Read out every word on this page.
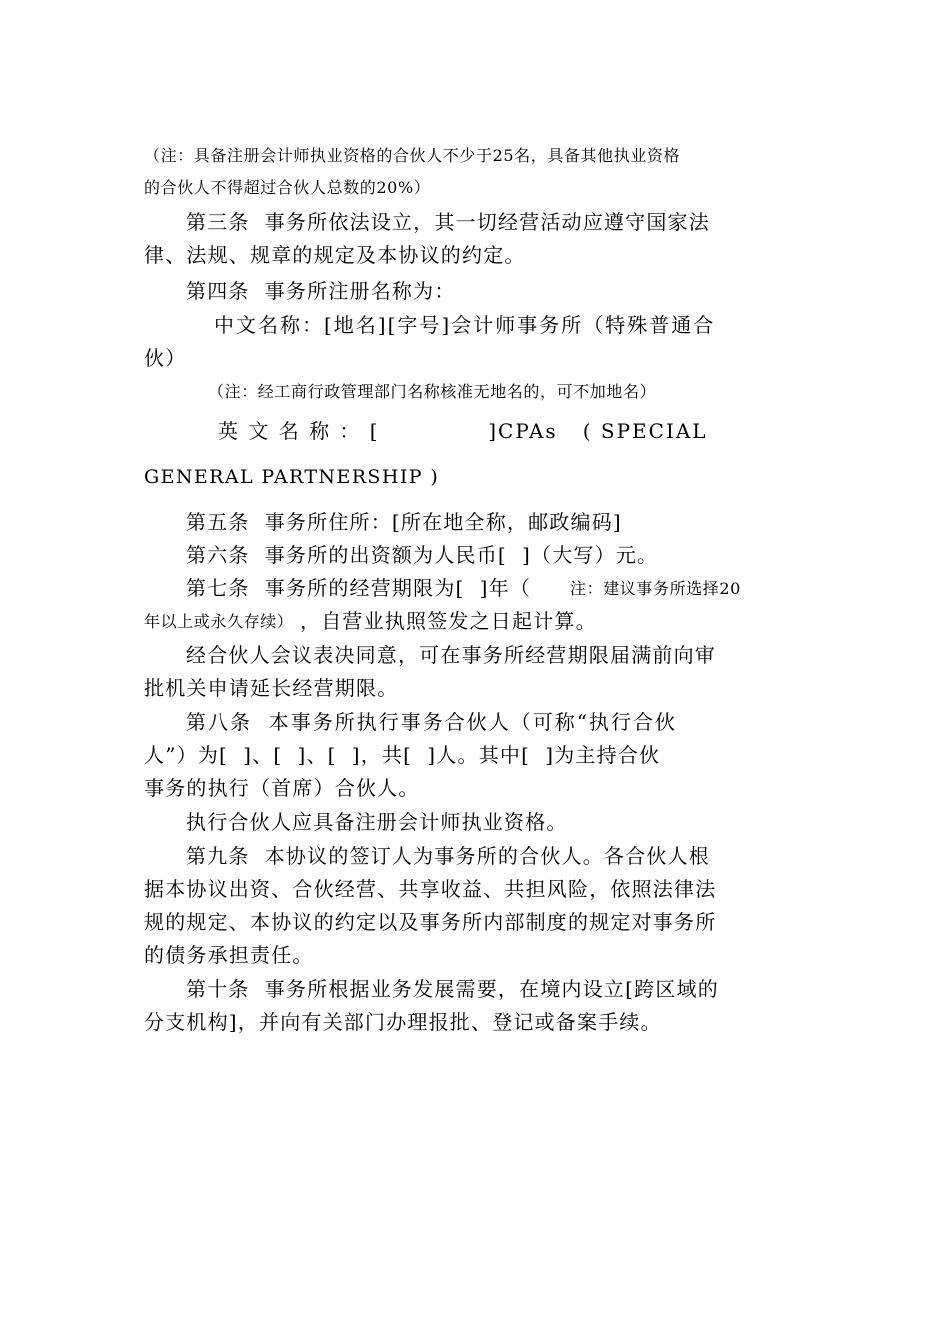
（注：具备注册会计师执业资格的合伙人不少于25名，具备其他执业资格
的合伙人不得超过合伙人总数的20%）
第三条  事务所依法设立，其一切经营活动应遵守国家法
律、法规、规章的规定及本协议的约定。
第四条  事务所注册名称为：
中文名称：[地名][字号]会计师事务所（特殊普通合
伙）
（注：经工商行政管理部门名称核准无地名的，可不加地名）
英 文 名 称 ： [             ]CPAs   ( SPECIAL
GENERAL PARTNERSHIP )
第五条  事务所住所：[所在地全称，邮政编码]
第六条  事务所的出资额为人民币[  ]（大写）元。
第七条  事务所的经营期限为[  ]年（ 注：建议事务所选择20
年以上或永久存续） ，自营业执照签发之日起计算。
经合伙人会议表决同意，可在事务所经营期限届满前向审
批机关申请延长经营期限。
第八条  本事务所执行事务合伙人（可称“执行合伙
人”）为[  ]、[  ]、[  ]，共[  ]人。其中[  ]为主持合伙
事务的执行（首席）合伙人。
执行合伙人应具备注册会计师执业资格。
第九条  本协议的签订人为事务所的合伙人。各合伙人根
据本协议出资、合伙经营、共享收益、共担风险，依照法律法
规的规定、本协议的约定以及事务所内部制度的规定对事务所
的债务承担责任。
第十条  事务所根据业务发展需要，在境内设立[跨区域的
分支机构]，并向有关部门办理报批、登记或备案手续。
